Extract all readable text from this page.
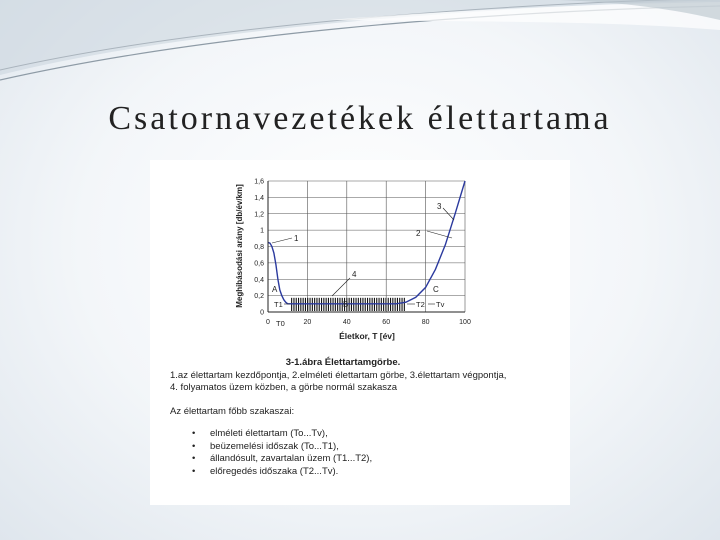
Csatornavezetékek élettartama
0
0,2
0,4
0,6
0,8
1
1,2
1,4
1,6
0	20	40	60	80	100
1
2
3
4
A
B
C
T1
T0
T2 Tv
Meghibásodási arány [db/év/km]
Életkor, T [év]

3-1.ábra Élettartamgörbe.

1.az élettartam kezdőpontja, 2.elméleti élettartam görbe, 3.élettartam végpontja,

4. folyamatos üzem közben, a görbe normál szakasza

Az élettartam főbb szakaszai:

• elméleti élettartam (To...Tv),
• beüzemelési időszak (To...T1),
• állandósult, zavartalan üzem (T1...T2),
• előregedés időszaka (T2...Tv).
